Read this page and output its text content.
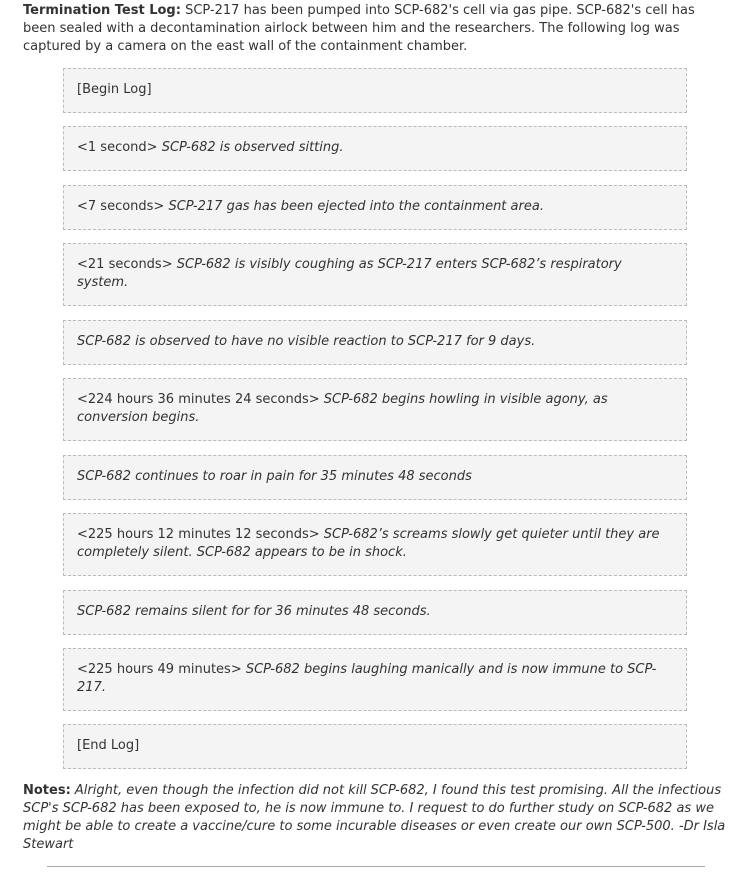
Termination Test Log: SCP-217 has been pumped into SCP-682's cell via gas pipe. SCP-682's cell has been sealed with a decontamination airlock between him and the researchers. The following log was captured by a camera on the east wall of the containment chamber.

[Begin Log]
<1 second> SCP-682 is observed sitting.
<7 seconds> SCP-217 gas has been ejected into the containment area.
<21 seconds> SCP-682 is visibly coughing as SCP-217 enters SCP-682’s respiratory system.
SCP-682 is observed to have no visible reaction to SCP-217 for 9 days.
<224 hours 36 minutes 24 seconds> SCP-682 begins howling in visible agony, as conversion begins.
SCP-682 continues to roar in pain for 35 minutes 48 seconds
<225 hours 12 minutes 12 seconds> SCP-682’s screams slowly get quieter until they are completely silent. SCP-682 appears to be in shock.
SCP-682 remains silent for for 36 minutes 48 seconds.
<225 hours 49 minutes> SCP-682 begins laughing manically and is now immune to SCP-217.
[End Log]

Notes: Alright, even though the infection did not kill SCP-682, I found this test promising. All the infectious SCP's SCP-682 has been exposed to, he is now immune to. I request to do further study on SCP-682 as we might be able to create a vaccine/cure to some incurable diseases or even create our own SCP-500. -Dr Isla Stewart
